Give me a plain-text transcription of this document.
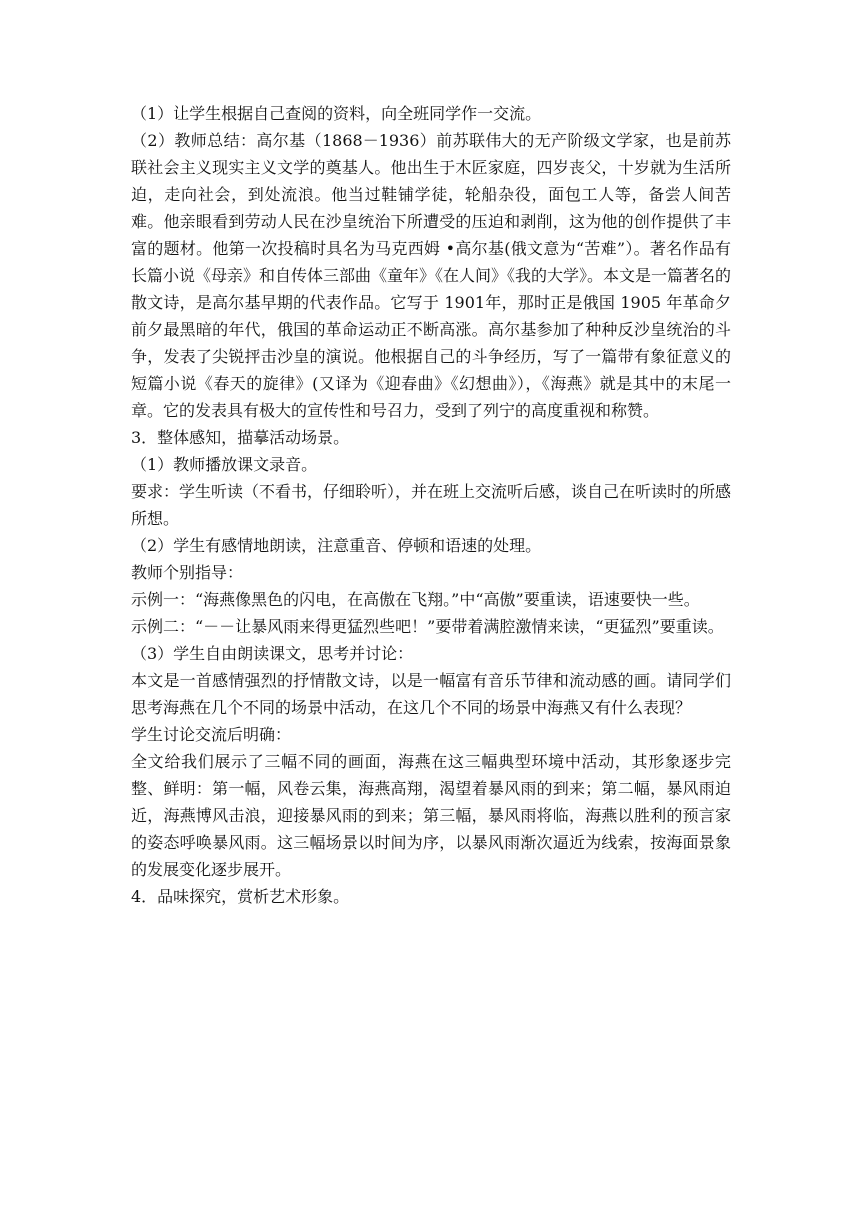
（1）让学生根据自己查阅的资料，向全班同学作一交流。

（2）教师总结：高尔基（1868－1936）前苏联伟大的无产阶级文学家，也是前苏联社会主义现实主义文学的奠基人。他出生于木匠家庭，四岁丧父，十岁就为生活所迫，走向社会，到处流浪。他当过鞋铺学徒，轮船杂役，面包工人等，备尝人间苦难。他亲眼看到劳动人民在沙皇统治下所遭受的压迫和剥削，这为他的创作提供了丰富的题材。他第一次投稿时具名为马克西姆 •高尔基(俄文意为“苦难”）。著名作品有长篇小说《母亲》和自传体三部曲《童年》《在人间》《我的大学》。本文是一篇著名的散文诗，是高尔基早期的代表作品。它写于 1901年，那时正是俄国 1905 年革命夕前夕最黑暗的年代，俄国的革命运动正不断高涨。高尔基参加了种种反沙皇统治的斗争，发表了尖锐抨击沙皇的演说。他根据自己的斗争经历，写了一篇带有象征意义的短篇小说《春天的旋律》(又译为《迎春曲》《幻想曲》），《海燕》就是其中的末尾一章。它的发表具有极大的宣传性和号召力，受到了列宁的高度重视和称赞。

3．整体感知，描摹活动场景。

（1）教师播放课文录音。

要求：学生听读（不看书，仔细聆听），并在班上交流听后感，谈自己在听读时的所感所想。

（2）学生有感情地朗读，注意重音、停顿和语速的处理。

教师个别指导：

示例一：“海燕像黑色的闪电，在高傲在飞翔。”中“高傲”要重读，语速要快一些。

示例二：“－－让暴风雨来得更猛烈些吧！”要带着满腔激情来读，“更猛烈”要重读。

（3）学生自由朗读课文，思考并讨论：

本文是一首感情强烈的抒情散文诗，以是一幅富有音乐节律和流动感的画。请同学们思考海燕在几个不同的场景中活动，在这几个不同的场景中海燕又有什么表现？

学生讨论交流后明确：

全文给我们展示了三幅不同的画面，海燕在这三幅典型环境中活动，其形象逐步完整、鲜明：第一幅，风卷云集，海燕高翔，渴望着暴风雨的到来；第二幅，暴风雨迫近，海燕博风击浪，迎接暴风雨的到来；第三幅，暴风雨将临，海燕以胜利的预言家的姿态呼唤暴风雨。这三幅场景以时间为序，以暴风雨渐次逼近为线索，按海面景象的发展变化逐步展开。

4．品味探究，赏析艺术形象。
